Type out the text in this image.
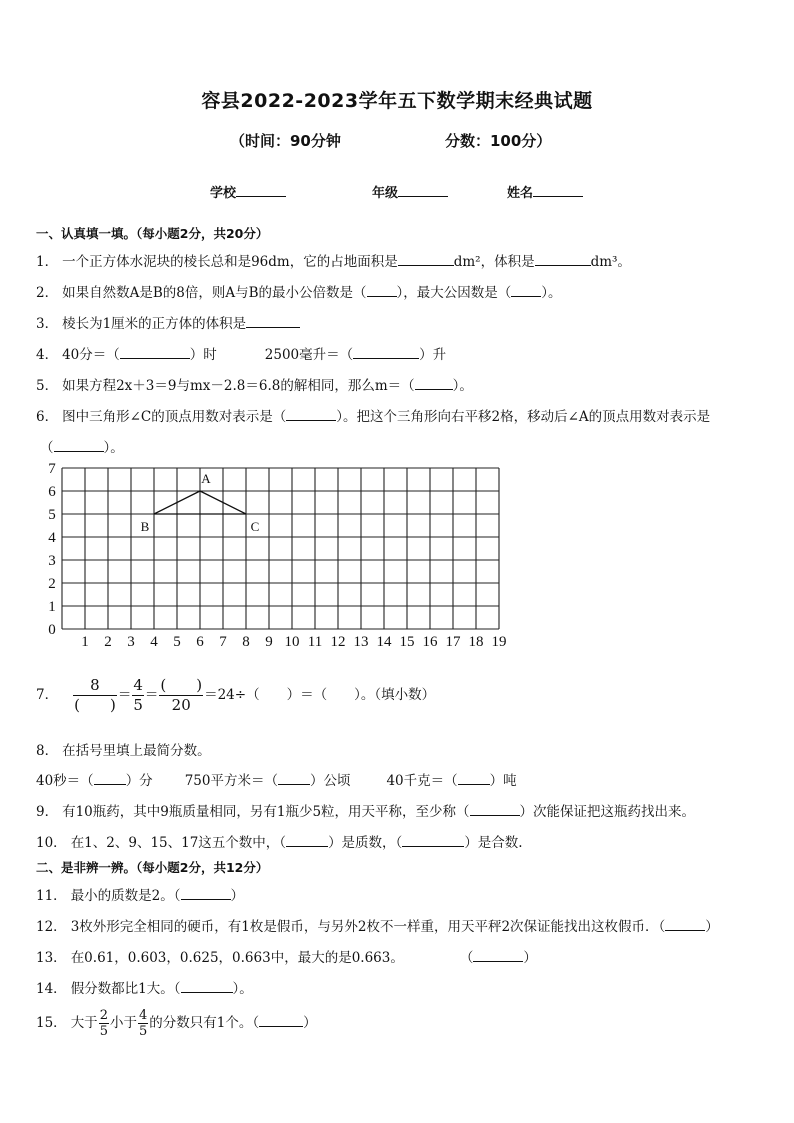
容县2022-2023学年五下数学期末经典试题
（时间：90分钟	分数：100分）
学校	年级	姓名
一、认真填一填。（每小题2分，共20分）
1． 一个正方体水泥块的棱长总和是96dm，它的占地面积是	dm²，体积是	dm³。
2． 如果自然数A是B的8倍，则A与B的最小公倍数是（ ），最大公因数是（ ）。
3． 棱长为1厘米的正方体的体积是
4． 40分＝（	）时	2500毫升＝（	）升
5． 如果方程2x＋3＝9与mx－2.8＝6.8的解相同，那么m＝（	）。
6． 图中三角形∠C的顶点用数对表示是（	）。把这个三角形向右平移2格，移动后∠A的顶点用数对表示是
（	）。
1 2 3 4 5 6 7 8 9 10 11 12 13 14 15 16 17 18 19
0
1
2
3
4
5
6
7
A
B	C
7． $\frac{8}{( )} = \frac{4}{5} = \frac{( )}{20} =24\div$（　　）＝（　　）。（填小数）
8． 在括号里填上最简分数。
40秒＝（ ）分 750平方米＝（ ）公顷	40千克＝（ ）吨
9． 有10瓶药，其中9瓶质量相同，另有1瓶少5粒，用天平称，至少称（	）次能保证把这瓶药找出来。
10． 在1、2、9、15、17这五个数中，（	）是质数，（	）是合数.
二、是非辨一辨。（每小题2分，共12分）
11． 最小的质数是2。（	）
12． 3枚外形完全相同的硬币，有1枚是假币，与另外2枚不一样重，用天平秤2次保证能找出这枚假币．（	）
13． 在0.61，0.603，0.625，0.663中，最大的是0.663。	（	）
14． 假分数都比1大。（	）。
15． 大于 $\frac{2}{5}$ 小于 $\frac{4}{5}$ 的分数只有1个。（	）
